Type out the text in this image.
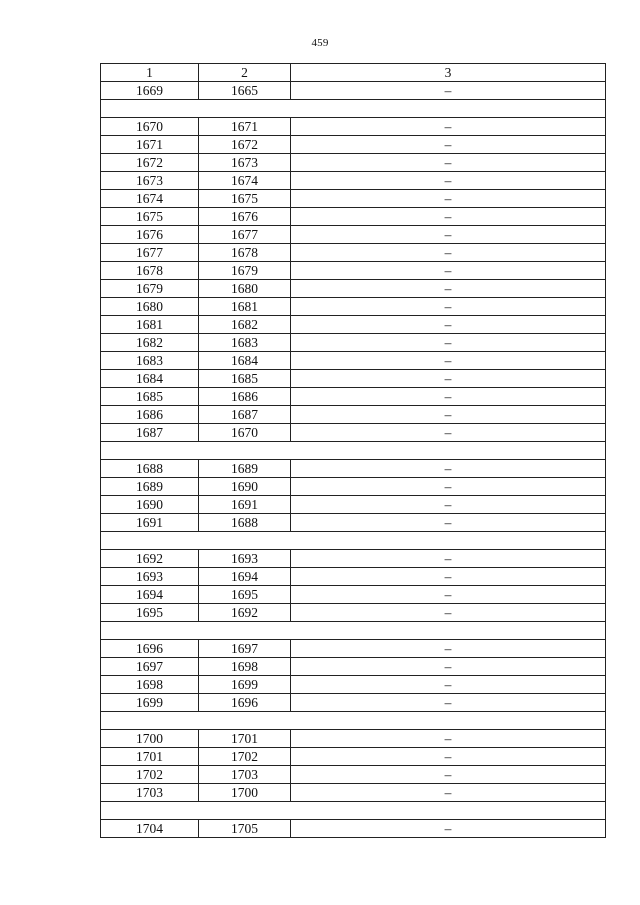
459
1	2	3
1669	1665	–

1670	1671	–
1671	1672	–
1672	1673	–
1673	1674	–
1674	1675	–
1675	1676	–
1676	1677	–
1677	1678	–
1678	1679	–
1679	1680	–
1680	1681	–
1681	1682	–
1682	1683	–
1683	1684	–
1684	1685	–
1685	1686	–
1686	1687	–
1687	1670	–

1688	1689	–
1689	1690	–
1690	1691	–
1691	1688	–

1692	1693	–
1693	1694	–
1694	1695	–
1695	1692	–

1696	1697	–
1697	1698	–
1698	1699	–
1699	1696	–

1700	1701	–
1701	1702	–
1702	1703	–
1703	1700	–

1704	1705	–
